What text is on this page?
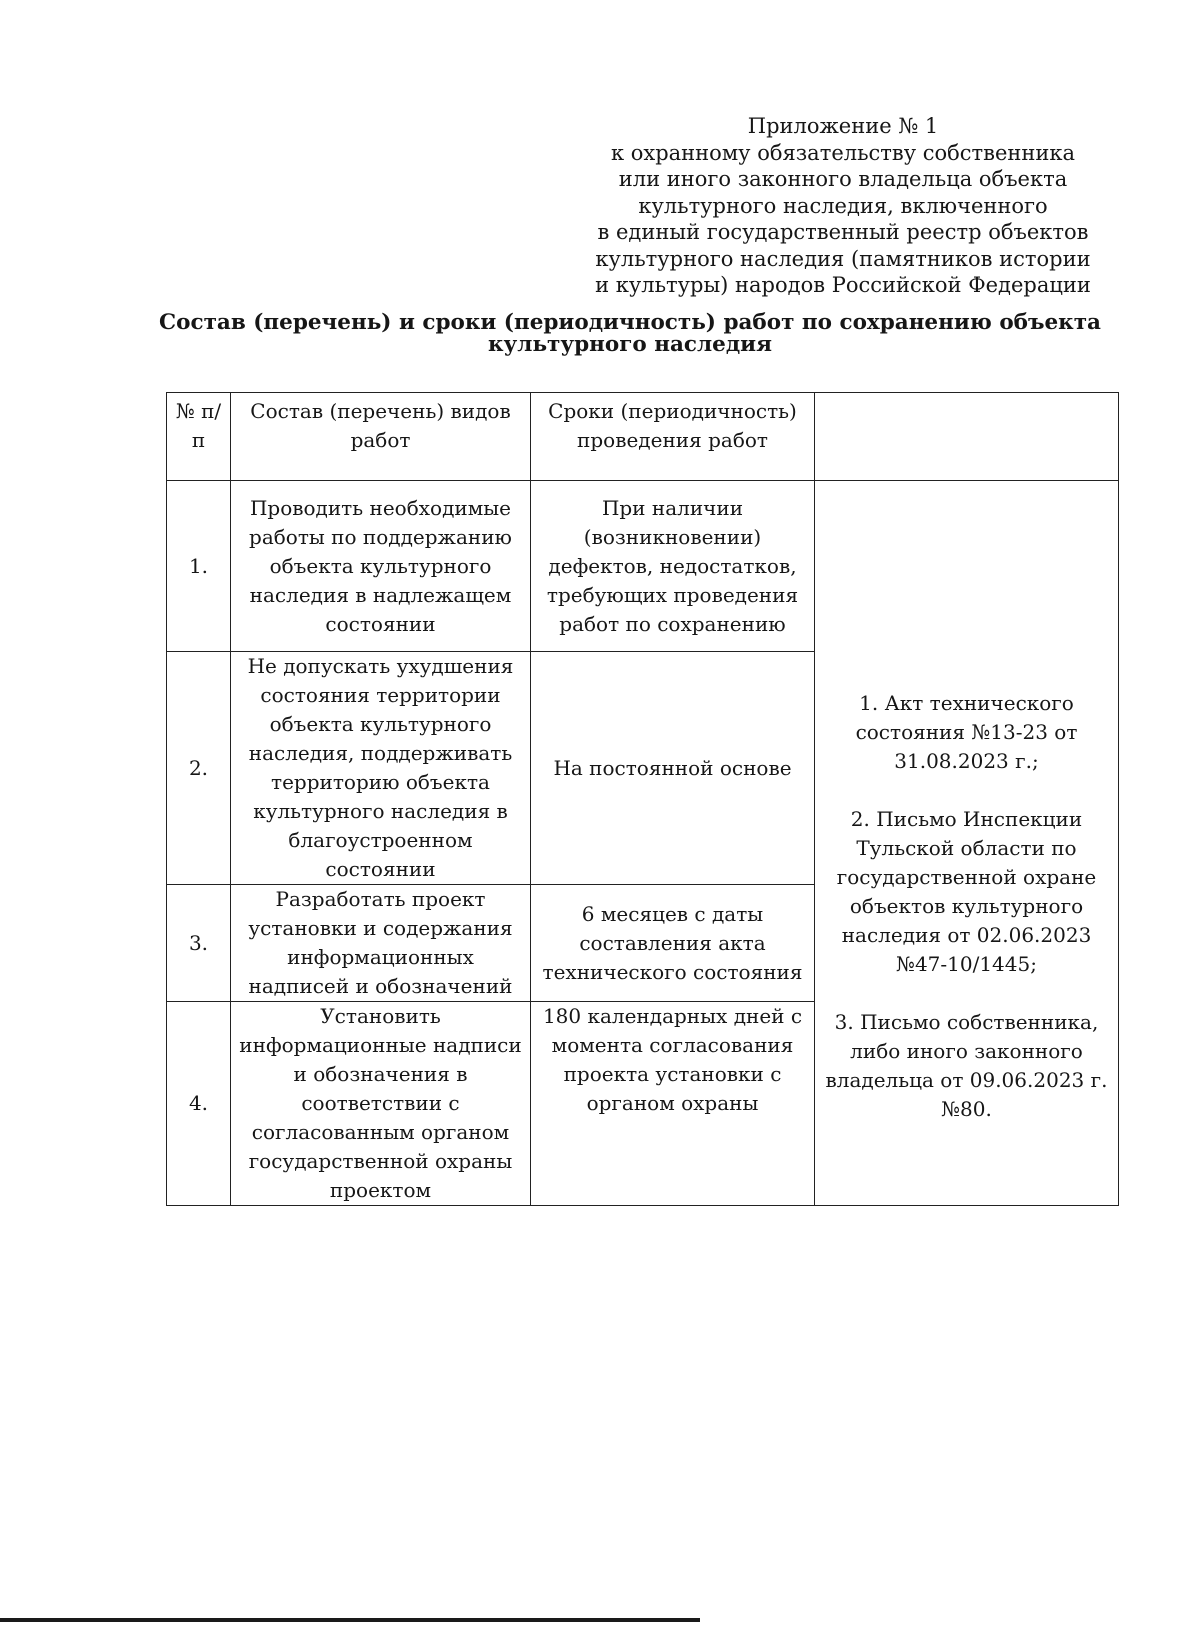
Приложение № 1
к охранному обязательству собственника
или иного законного владельца объекта
культурного наследия, включенного
в единый государственный реестр объектов
культурного наследия (памятников истории
и культуры) народов Российской Федерации
Состав (перечень) и сроки (периодичность) работ по сохранению объекта
культурного наследия
№ п/п	Состав (перечень) видов работ	Сроки (периодичность) проведения работ	
1.	Проводить необходимые работы по поддержанию объекта культурного наследия в надлежащем состоянии	При наличии (возникновении) дефектов, недостатков, требующих проведения работ по сохранению	1. Акт технического состояния №13-23 от 31.08.2023 г.;

2. Письмо Инспекции Тульской области по государственной охране объектов культурного наследия от 02.06.2023 №47-10/1445;

3. Письмо собственника, либо иного законного владельца от 09.06.2023 г. №80.

2.	Не допускать ухудшения состояния территории объекта культурного наследия, поддерживать территорию объекта культурного наследия в благоустроенном состоянии	На постоянной основе	
3.	Разработать проект установки и содержания информационных надписей и обозначений	6 месяцев с даты составления акта технического состояния	
4.	Установить информационные надписи и обозначения в соответствии с согласованным органом государственной охраны проектом	180 календарных дней с момента согласования проекта установки с органом охраны	
